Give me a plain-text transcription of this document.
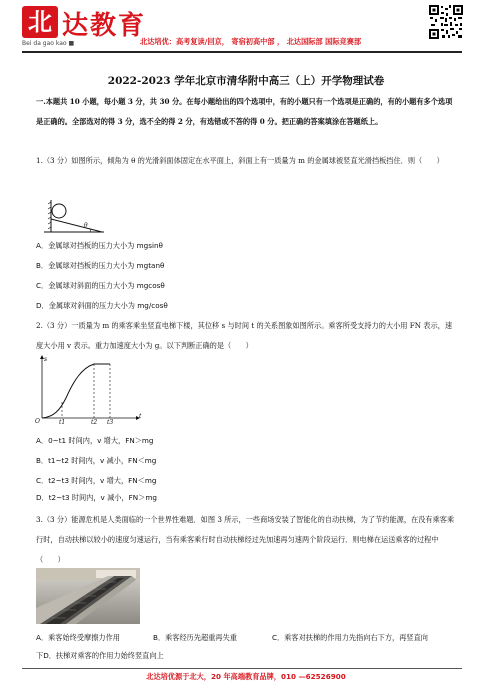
北 达教育
Bei da gao kao ■	北达培优：高考复读/回京， 寄宿初高中部 ， 北达国际部 国际竞赛部
2022-2023 学年北京市清华附中高三（上）开学物理试卷
一.本题共 10 小题，每小题 3 分，共 30 分。在每小题给出的四个选项中，有的小题只有一个选项是正确的，有的小题有多个选项是正确的。全部选对的得 3 分，选不全的得 2 分，有选错或不答的得 0 分。把正确的答案填涂在答题纸上。
1.（3 分）如图所示，倾角为 θ 的光滑斜面体固定在水平面上，斜面上有一质量为 m 的金属球被竖直光滑挡板挡住．则（　　）
θ
A．金属球对挡板的压力大小为 mgsinθ
B．金属球对挡板的压力大小为 mgtanθ
C．金属球对斜面的压力大小为 mgcosθ
D．金属球对斜面的压力大小为 mg/cosθ
2.（3 分）一质量为 m 的乘客乘坐竖直电梯下楼，其位移 s 与时间 t 的关系图象如图所示。乘客所受支持力的大小用 FN 表示，速度大小用 v 表示。重力加速度大小为 g。以下判断正确的是（　　）
s
t
O	t1	t2 t3
A．0~t1 时间内，v 增大，FN＞mg
B．t1~t2 时间内，v 减小，FN＜mg
C．t2~t3 时间内，v 增大，FN＜mg
D．t2~t3 时间内，v 减小，FN＞mg
3.（3 分）能源危机是人类面临的一个世界性难题．如图 3 所示，一些商场安装了智能化的自动扶梯，为了节约能源，在没有乘客乘行时，自动扶梯以较小的速度匀速运行，当有乘客乘行时自动扶梯经过先加速再匀速两个阶段运行．则电梯在运送乘客的过程中（　　）
A．乘客始终受摩擦力作用	B．乘客经历先超重再失重	C．乘客对扶梯的作用力先指向右下方，再竖直向
下D．扶梯对乘客的作用力始终竖直向上
北达培优源于北大，20 年高端教育品牌，010 —62526900
